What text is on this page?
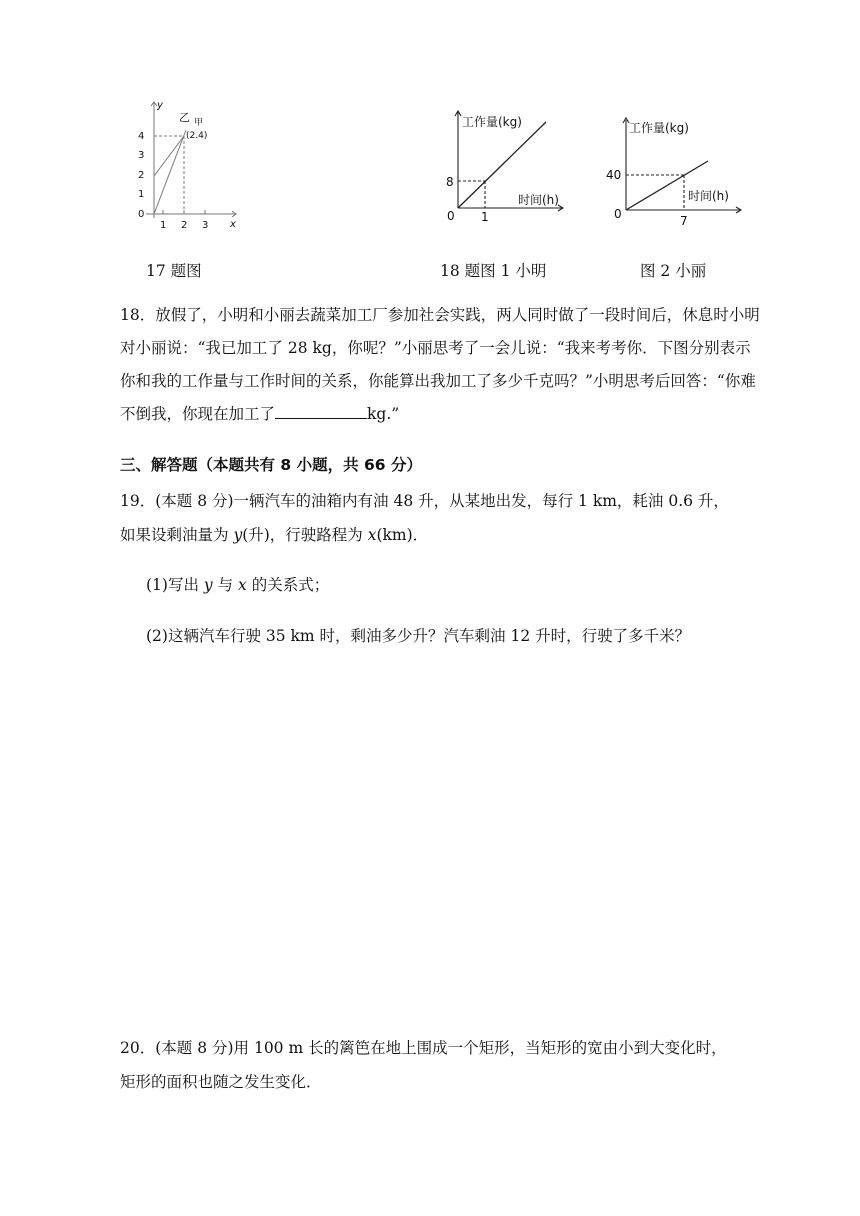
y
x
4
3
2
1
0
1 2 3
乙 甲
(2.4)
17 题图
工作量(kg)
时间(h)
0
8
1
18 题图 1 小明
工作量(kg)
时间(h)
0
40
7
图 2 小丽
18．放假了，小明和小丽去蔬菜加工厂参加社会实践，两人同时做了一段时间后，休息时小明对小丽说：“我已加工了 28 kg，你呢？”小丽思考了一会儿说：“我来考考你．下图分别表示你和我的工作量与工作时间的关系，你能算出我加工了多少千克吗？”小明思考后回答：“你难不倒我，你现在加工了	kg.”
三、解答题（本题共有 8 小题，共 66 分）
19．(本题 8 分)一辆汽车的油箱内有油 48 升，从某地出发，每行 1 km，耗油 0.6 升，
如果设剩油量为 y(升)，行驶路程为 x(km)．
(1)写出 y 与 x 的关系式；
(2)这辆汽车行驶 35 km 时，剩油多少升？汽车剩油 12 升时，行驶了多千米？
20．(本题 8 分)用 100 m 长的篱笆在地上围成一个矩形，当矩形的宽由小到大变化时，
矩形的面积也随之发生变化．
